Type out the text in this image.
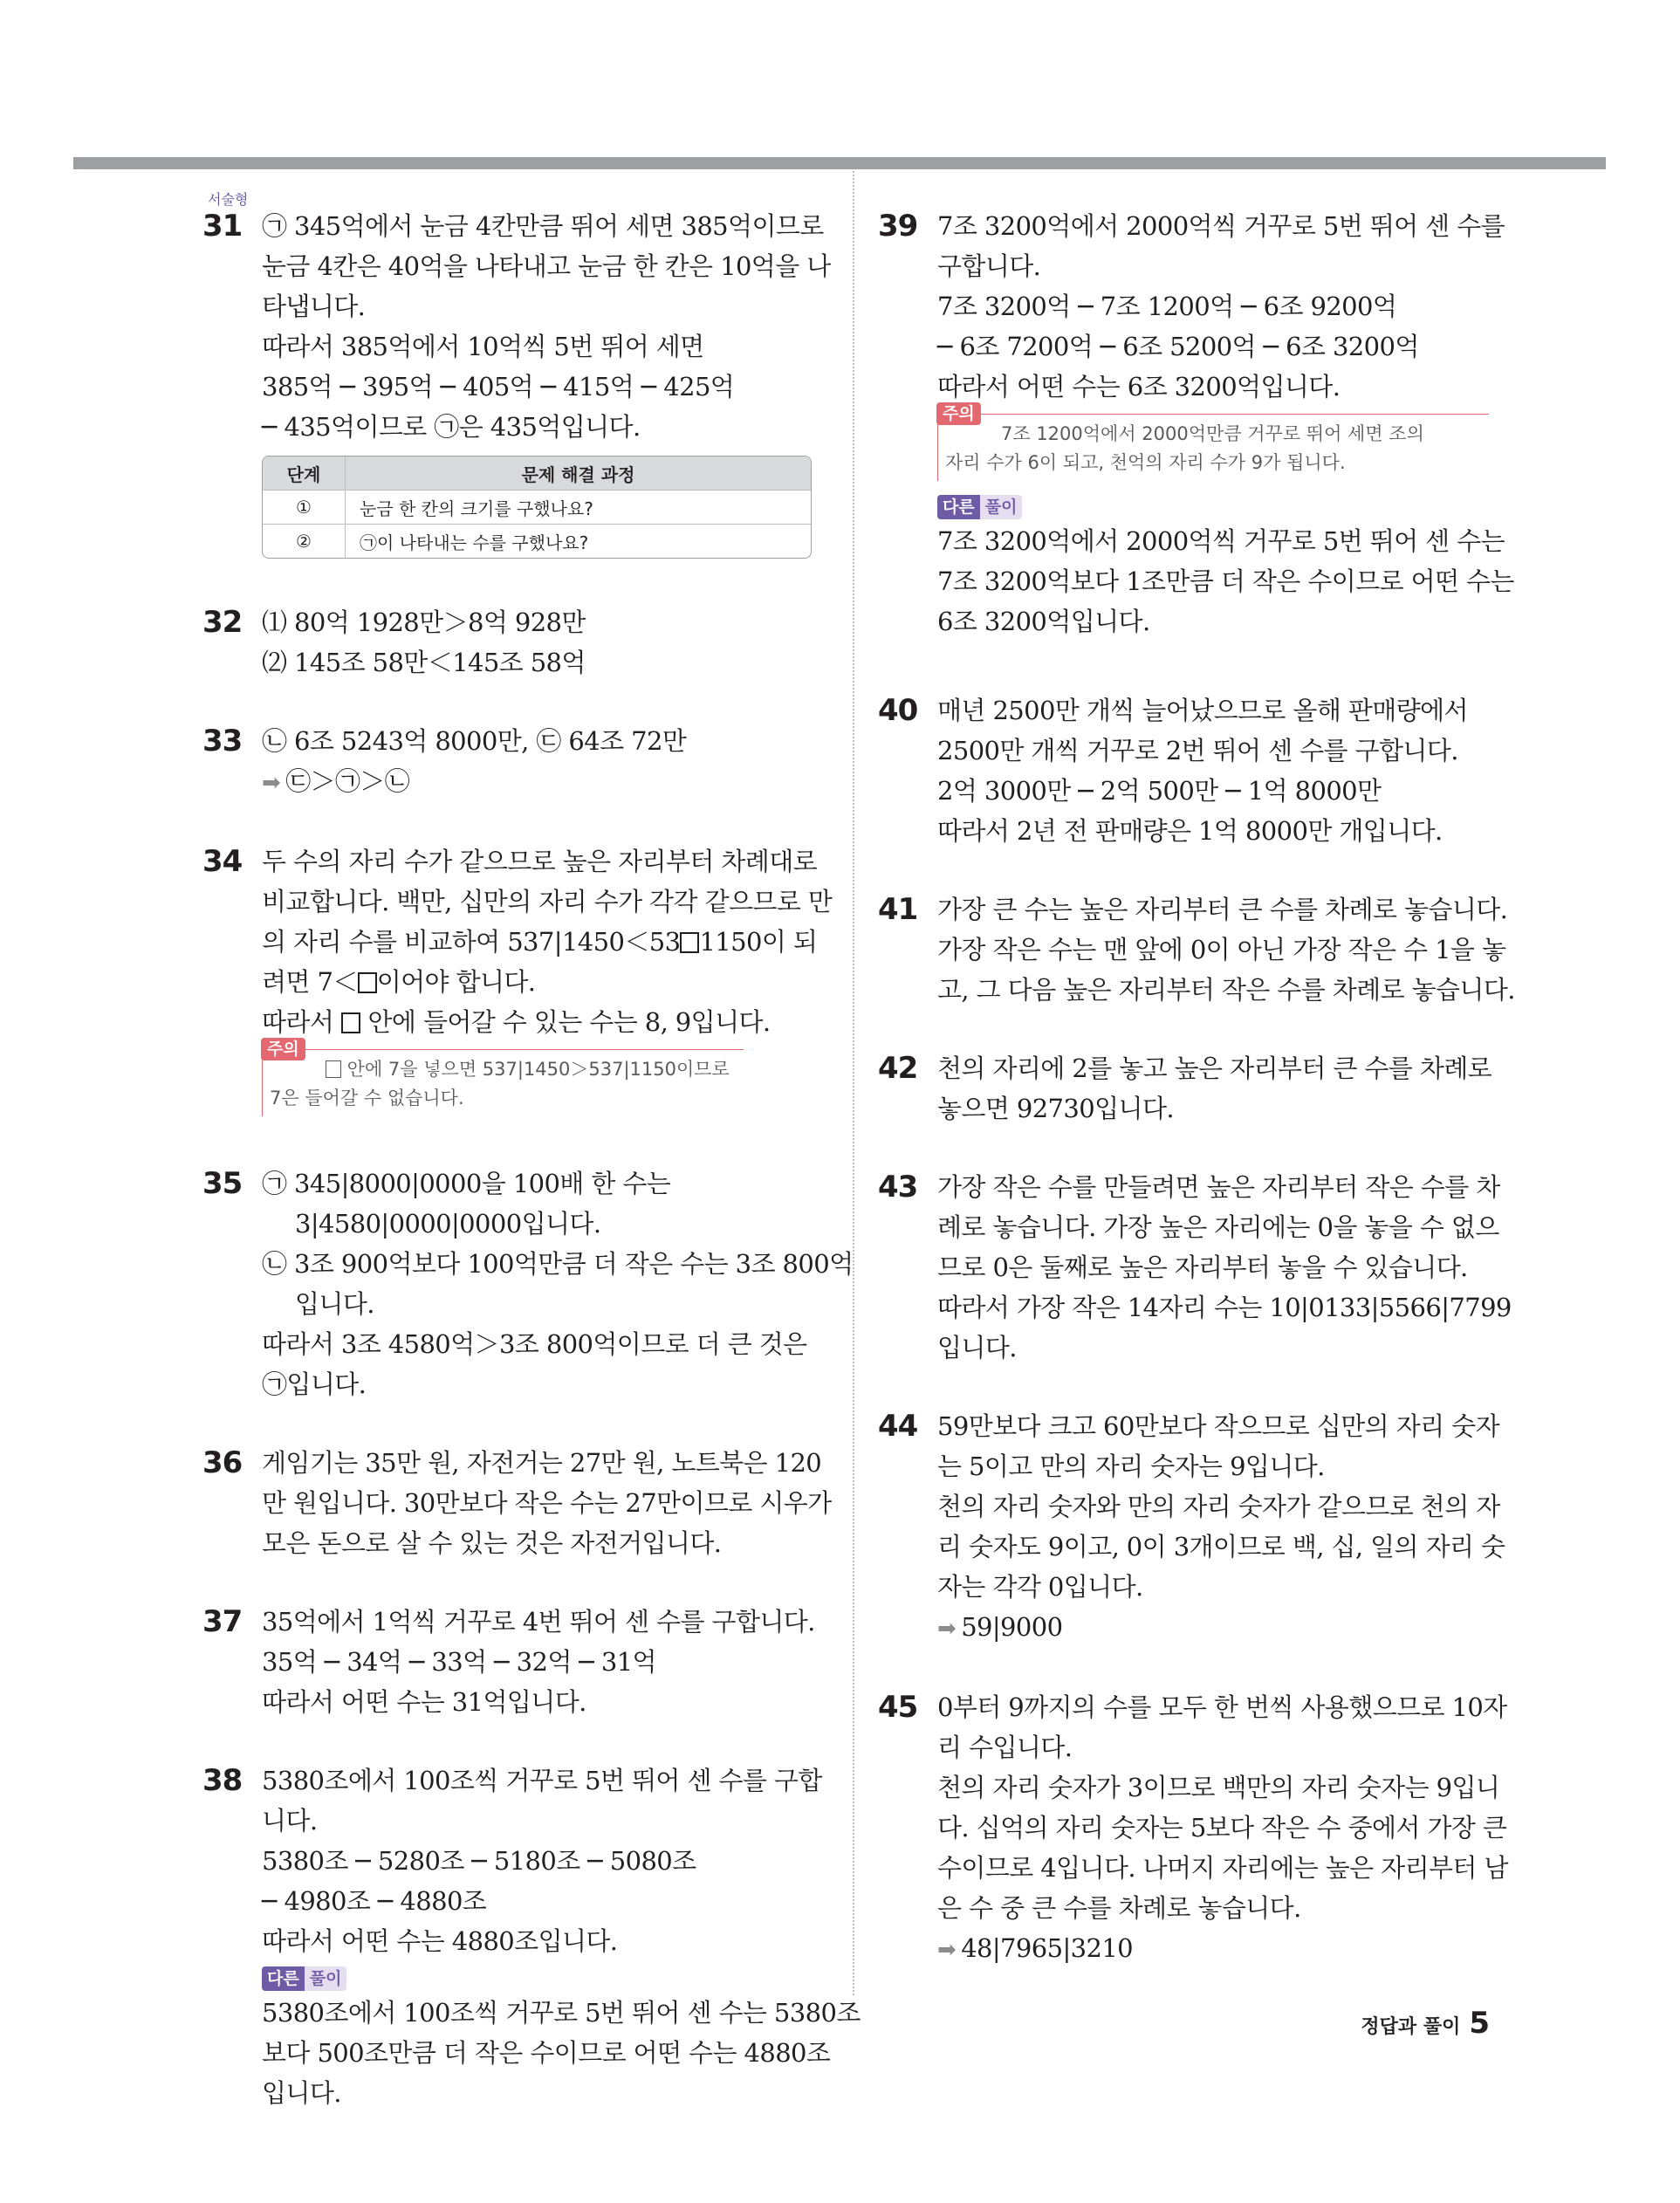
서술형
31 ㉠ 345억에서 눈금 4칸만큼 뛰어 세면 385억이므로
눈금 4칸은 40억을 나타내고 눈금 한 칸은 10억을 나
타냅니다.
따라서 385억에서 10억씩 5번 뛰어 세면
385억 ─ 395억 ─ 405억 ─ 415억 ─ 425억
─ 435억이므로 ㉠은 435억입니다.
단계	문제 해결 과정
①	눈금 한 칸의 크기를 구했나요?
②	㉠이 나타내는 수를 구했나요?
32 ⑴ 80억 1928만＞8억 928만
⑵ 145조 58만＜145조 58억
33 ㉡ 6조 5243억 8000만, ㉢ 64조 72만
➡ ㉢＞㉠＞㉡
34 두 수의 자리 수가 같으므로 높은 자리부터 차례대로
비교합니다. 백만, 십만의 자리 수가 각각 같으므로 만
의 자리 수를 비교하여 537|1450＜53 1150이 되
려면 7＜ 이어야 합니다.
따라서  안에 들어갈 수 있는 수는 8, 9입니다.
주의
안에 7을 넣으면 537|1450＞537|1150이므로
7은 들어갈 수 없습니다.
35 ㉠ 345|8000|0000을 100배 한 수는
3|4580|0000|0000입니다.
㉡ 3조 900억보다 100억만큼 더 작은 수는 3조 800억
입니다.
따라서 3조 4580억＞3조 800억이므로 더 큰 것은
㉠입니다.
36 게임기는 35만 원, 자전거는 27만 원, 노트북은 120
만 원입니다. 30만보다 작은 수는 27만이므로 시우가
모은 돈으로 살 수 있는 것은 자전거입니다.
37 35억에서 1억씩 거꾸로 4번 뛰어 센 수를 구합니다.
35억 ─ 34억 ─ 33억 ─ 32억 ─ 31억
따라서 어떤 수는 31억입니다.
38 5380조에서 100조씩 거꾸로 5번 뛰어 센 수를 구합
니다.
5380조 ─ 5280조 ─ 5180조 ─ 5080조
─ 4980조 ─ 4880조
따라서 어떤 수는 4880조입니다.
다른 풀이
5380조에서 100조씩 거꾸로 5번 뛰어 센 수는 5380조
보다 500조만큼 더 작은 수이므로 어떤 수는 4880조
입니다.
39 7조 3200억에서 2000억씩 거꾸로 5번 뛰어 센 수를
구합니다.
7조 3200억 ─ 7조 1200억 ─ 6조 9200억
─ 6조 7200억 ─ 6조 5200억 ─ 6조 3200억
따라서 어떤 수는 6조 3200억입니다.
주의
7조 1200억에서 2000억만큼 거꾸로 뛰어 세면 조의
자리 수가 6이 되고, 천억의 자리 수가 9가 됩니다.
다른 풀이
7조 3200억에서 2000억씩 거꾸로 5번 뛰어 센 수는
7조 3200억보다 1조만큼 더 작은 수이므로 어떤 수는
6조 3200억입니다.
40 매년 2500만 개씩 늘어났으므로 올해 판매량에서
2500만 개씩 거꾸로 2번 뛰어 센 수를 구합니다.
2억 3000만 ─ 2억 500만 ─ 1억 8000만
따라서 2년 전 판매량은 1억 8000만 개입니다.
41 가장 큰 수는 높은 자리부터 큰 수를 차례로 놓습니다.
가장 작은 수는 맨 앞에 0이 아닌 가장 작은 수 1을 놓
고, 그 다음 높은 자리부터 작은 수를 차례로 놓습니다.
42 천의 자리에 2를 놓고 높은 자리부터 큰 수를 차례로
놓으면 92730입니다.
43 가장 작은 수를 만들려면 높은 자리부터 작은 수를 차
례로 놓습니다. 가장 높은 자리에는 0을 놓을 수 없으
므로 0은 둘째로 높은 자리부터 놓을 수 있습니다.
따라서 가장 작은 14자리 수는 10|0133|5566|7799
입니다.
44 59만보다 크고 60만보다 작으므로 십만의 자리 숫자
는 5이고 만의 자리 숫자는 9입니다.
천의 자리 숫자와 만의 자리 숫자가 같으므로 천의 자
리 숫자도 9이고, 0이 3개이므로 백, 십, 일의 자리 숫
자는 각각 0입니다.
➡ 59|9000
45 0부터 9까지의 수를 모두 한 번씩 사용했으므로 10자
리 수입니다.
천의 자리 숫자가 3이므로 백만의 자리 숫자는 9입니
다. 십억의 자리 숫자는 5보다 작은 수 중에서 가장 큰
수이므로 4입니다. 나머지 자리에는 높은 자리부터 남
은 수 중 큰 수를 차례로 놓습니다.
➡ 48|7965|3210
정답과 풀이 5
